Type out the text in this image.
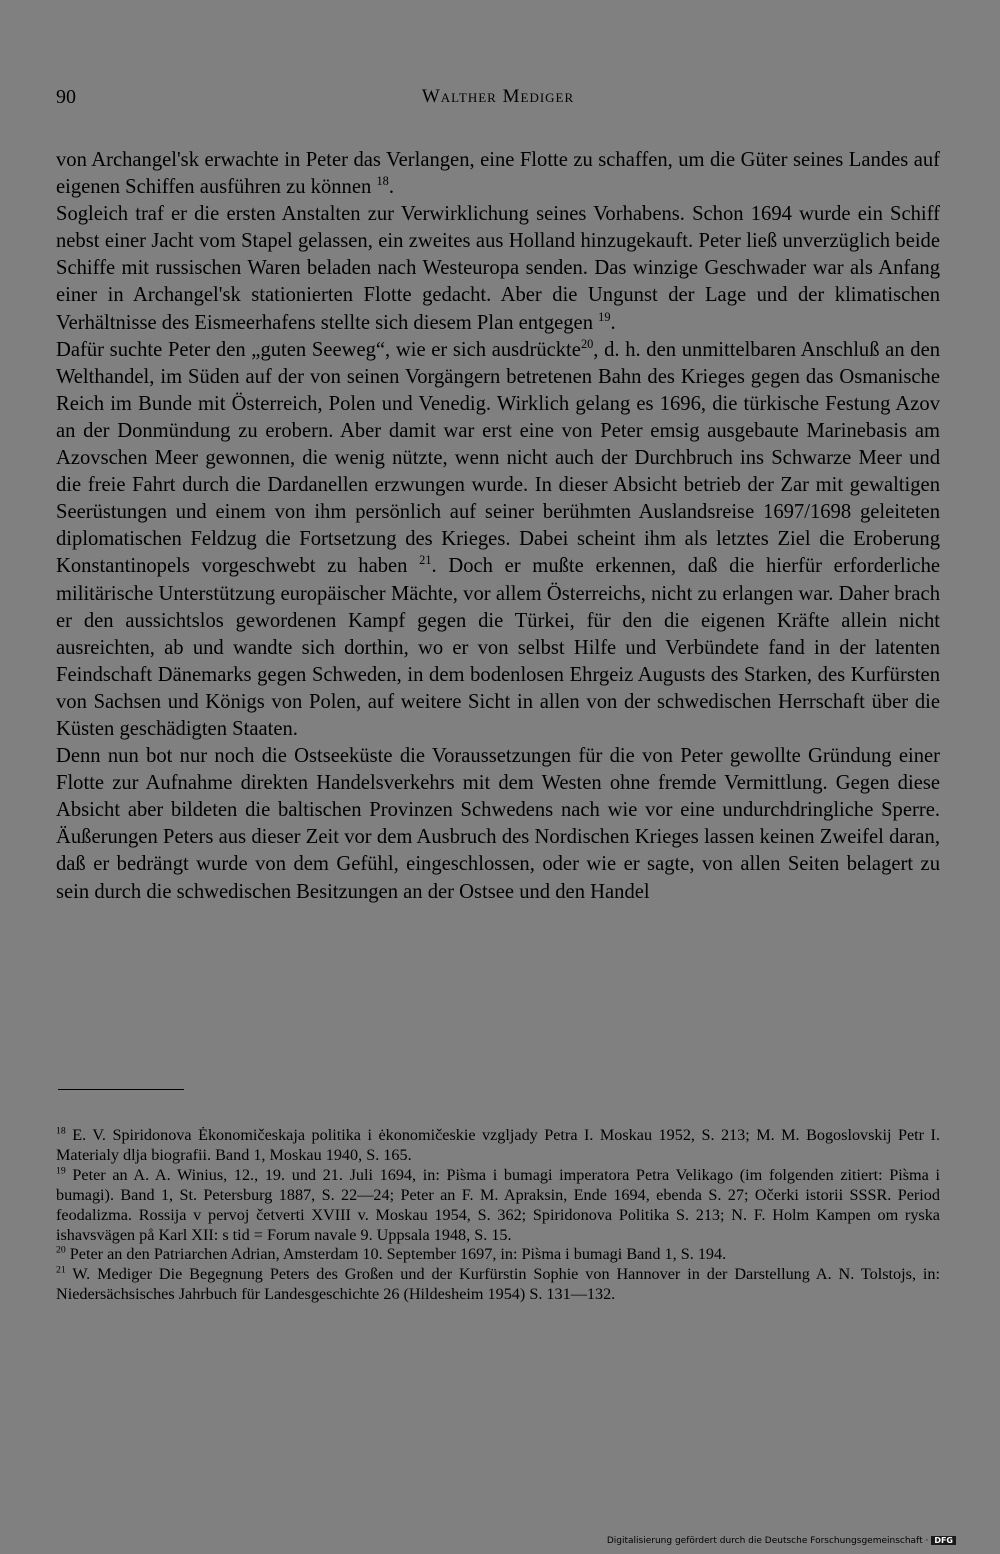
90	Walther Mediger

von Archangel'sk erwachte in Peter das Verlangen, eine Flotte zu schaffen, um die Güter seines Landes auf eigenen Schiffen ausführen zu können $^{18}$.

Sogleich traf er die ersten Anstalten zur Verwirklichung seines Vorhabens. Schon 1694 wurde ein Schiff nebst einer Jacht vom Stapel gelassen, ein zweites aus Holland hinzugekauft. Peter ließ unverzüglich beide Schiffe mit russischen Waren beladen nach Westeuropa senden. Das winzige Geschwader war als Anfang einer in Archangel'sk stationierten Flotte gedacht. Aber die Ungunst der Lage und der klimatischen Verhältnisse des Eismeerhafens stellte sich diesem Plan entgegen $^{19}$.

Dafür suchte Peter den „guten Seeweg“, wie er sich ausdrückte$^{20}$, d. h. den unmittelbaren Anschluß an den Welthandel, im Süden auf der von seinen Vorgängern betretenen Bahn des Krieges gegen das Osmanische Reich im Bunde mit Österreich, Polen und Venedig. Wirklich gelang es 1696, die türkische Festung Azov an der Donmündung zu erobern. Aber damit war erst eine von Peter emsig ausgebaute Marinebasis am Azovschen Meer gewonnen, die wenig nützte, wenn nicht auch der Durchbruch ins Schwarze Meer und die freie Fahrt durch die Dardanellen erzwungen wurde. In dieser Absicht betrieb der Zar mit gewaltigen Seerüstungen und einem von ihm persönlich auf seiner berühmten Auslandsreise 1697/1698 geleiteten diplomatischen Feldzug die Fortsetzung des Krieges. Dabei scheint ihm als letztes Ziel die Eroberung Konstantinopels vorgeschwebt zu haben $^{21}$. Doch er mußte erkennen, daß die hierfür erforderliche militärische Unterstützung europäischer Mächte, vor allem Österreichs, nicht zu erlangen war. Daher brach er den aussichtslos gewordenen Kampf gegen die Türkei, für den die eigenen Kräfte allein nicht ausreichten, ab und wandte sich dorthin, wo er von selbst Hilfe und Verbündete fand in der latenten Feindschaft Dänemarks gegen Schweden, in dem bodenlosen Ehrgeiz Augusts des Starken, des Kurfürsten von Sachsen und Königs von Polen, auf weitere Sicht in allen von der schwedischen Herrschaft über die Küsten geschädigten Staaten.

Denn nun bot nur noch die Ostseeküste die Voraussetzungen für die von Peter gewollte Gründung einer Flotte zur Aufnahme direkten Handelsverkehrs mit dem Westen ohne fremde Vermittlung. Gegen diese Absicht aber bildeten die baltischen Provinzen Schwedens nach wie vor eine undurchdringliche Sperre. Äußerungen Peters aus dieser Zeit vor dem Ausbruch des Nordischen Krieges lassen keinen Zweifel daran, daß er bedrängt wurde von dem Gefühl, eingeschlossen, oder wie er sagte, von allen Seiten belagert zu sein durch die schwedischen Besitzungen an der Ostsee und den Handel

$^{18}$ E. V. Spiridonova Ėkonomičeskaja politika i ėkonomičeskie vzgljady Petra I. Moskau 1952, S. 213; M. M. Bogoslovskij Petr I. Materialy dlja biografii. Band 1, Moskau 1940, S. 165.

$^{19}$ Peter an A. A. Winius, 12., 19. und 21. Juli 1694, in: Pis̀ma i bumagi imperatora Petra Velikago (im folgenden zitiert: Pis̀ma i bumagi). Band 1, St. Petersburg 1887, S. 22—24; Peter an F. M. Apraksin, Ende 1694, ebenda S. 27; Očerki istorii SSSR. Period feodalizma. Rossija v pervoj četverti XVIII v. Moskau 1954, S. 362; Spiridonova Politika S. 213; N. F. Holm Kampen om ryska ishavsvägen på Karl XII: s tid = Forum navale 9. Uppsala 1948, S. 15.

$^{20}$ Peter an den Patriarchen Adrian, Amsterdam 10. September 1697, in: Pis̀ma i bumagi Band 1, S. 194.

$^{21}$ W. Mediger Die Begegnung Peters des Großen und der Kurfürstin Sophie von Hannover in der Darstellung A. N. Tolstojs, in: Niedersächsisches Jahrbuch für Landesgeschichte 26 (Hildesheim 1954) S. 131—132.

Digitalisierung gefördert durch die Deutsche Forschungsgemeinschaft · DFG
